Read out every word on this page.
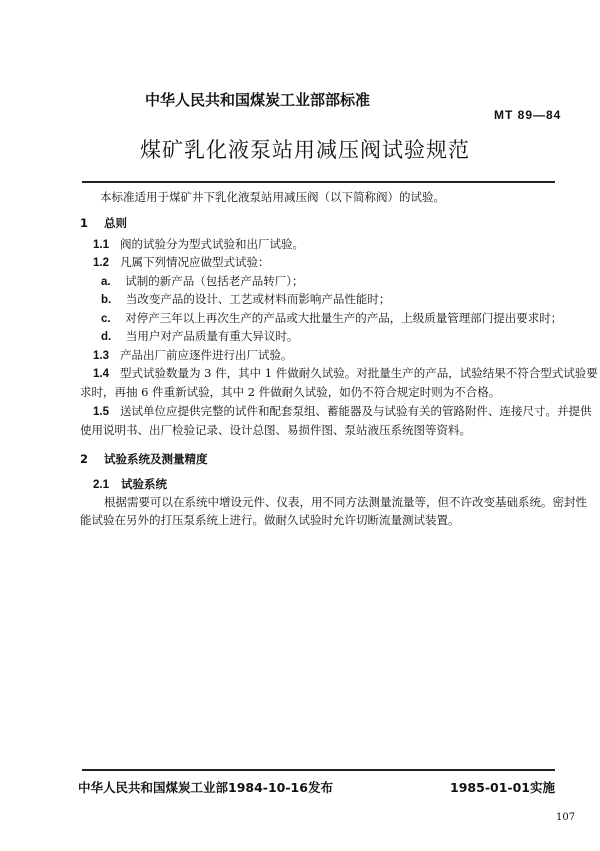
中华人民共和国煤炭工业部部标准
MT 89—84
煤矿乳化液泵站用减压阀试验规范
本标准适用于煤矿井下乳化液泵站用减压阀（以下简称阀）的试验。
1 总则
1.1 阀的试验分为型式试验和出厂试验。
1.2 凡属下列情况应做型式试验：
a. 试制的新产品（包括老产品转厂）；
b. 当改变产品的设计、工艺或材料而影响产品性能时；
c. 对停产三年以上再次生产的产品或大批量生产的产品，上级质量管理部门提出要求时；
d. 当用户对产品质量有重大异议时。
1.3 产品出厂前应逐件进行出厂试验。
1.4 型式试验数量为 3 件，其中 1 件做耐久试验。对批量生产的产品，试验结果不符合型式试验要
求时，再抽 6 件重新试验，其中 2 件做耐久试验，如仍不符合规定时则为不合格。
1.5 送试单位应提供完整的试件和配套泵组、蓄能器及与试验有关的管路附件、连接尺寸。并提供
使用说明书、出厂检验记录、设计总图、易损件图、泵站液压系统图等资料。
2 试验系统及测量精度
2.1 试验系统
根据需要可以在系统中增设元件、仪表，用不同方法测量流量等，但不许改变基础系统。密封性
能试验在另外的打压泵系统上进行。做耐久试验时允许切断流量测试装置。
中华人民共和国煤炭工业部1984-10-16发布	1985-01-01实施
107
